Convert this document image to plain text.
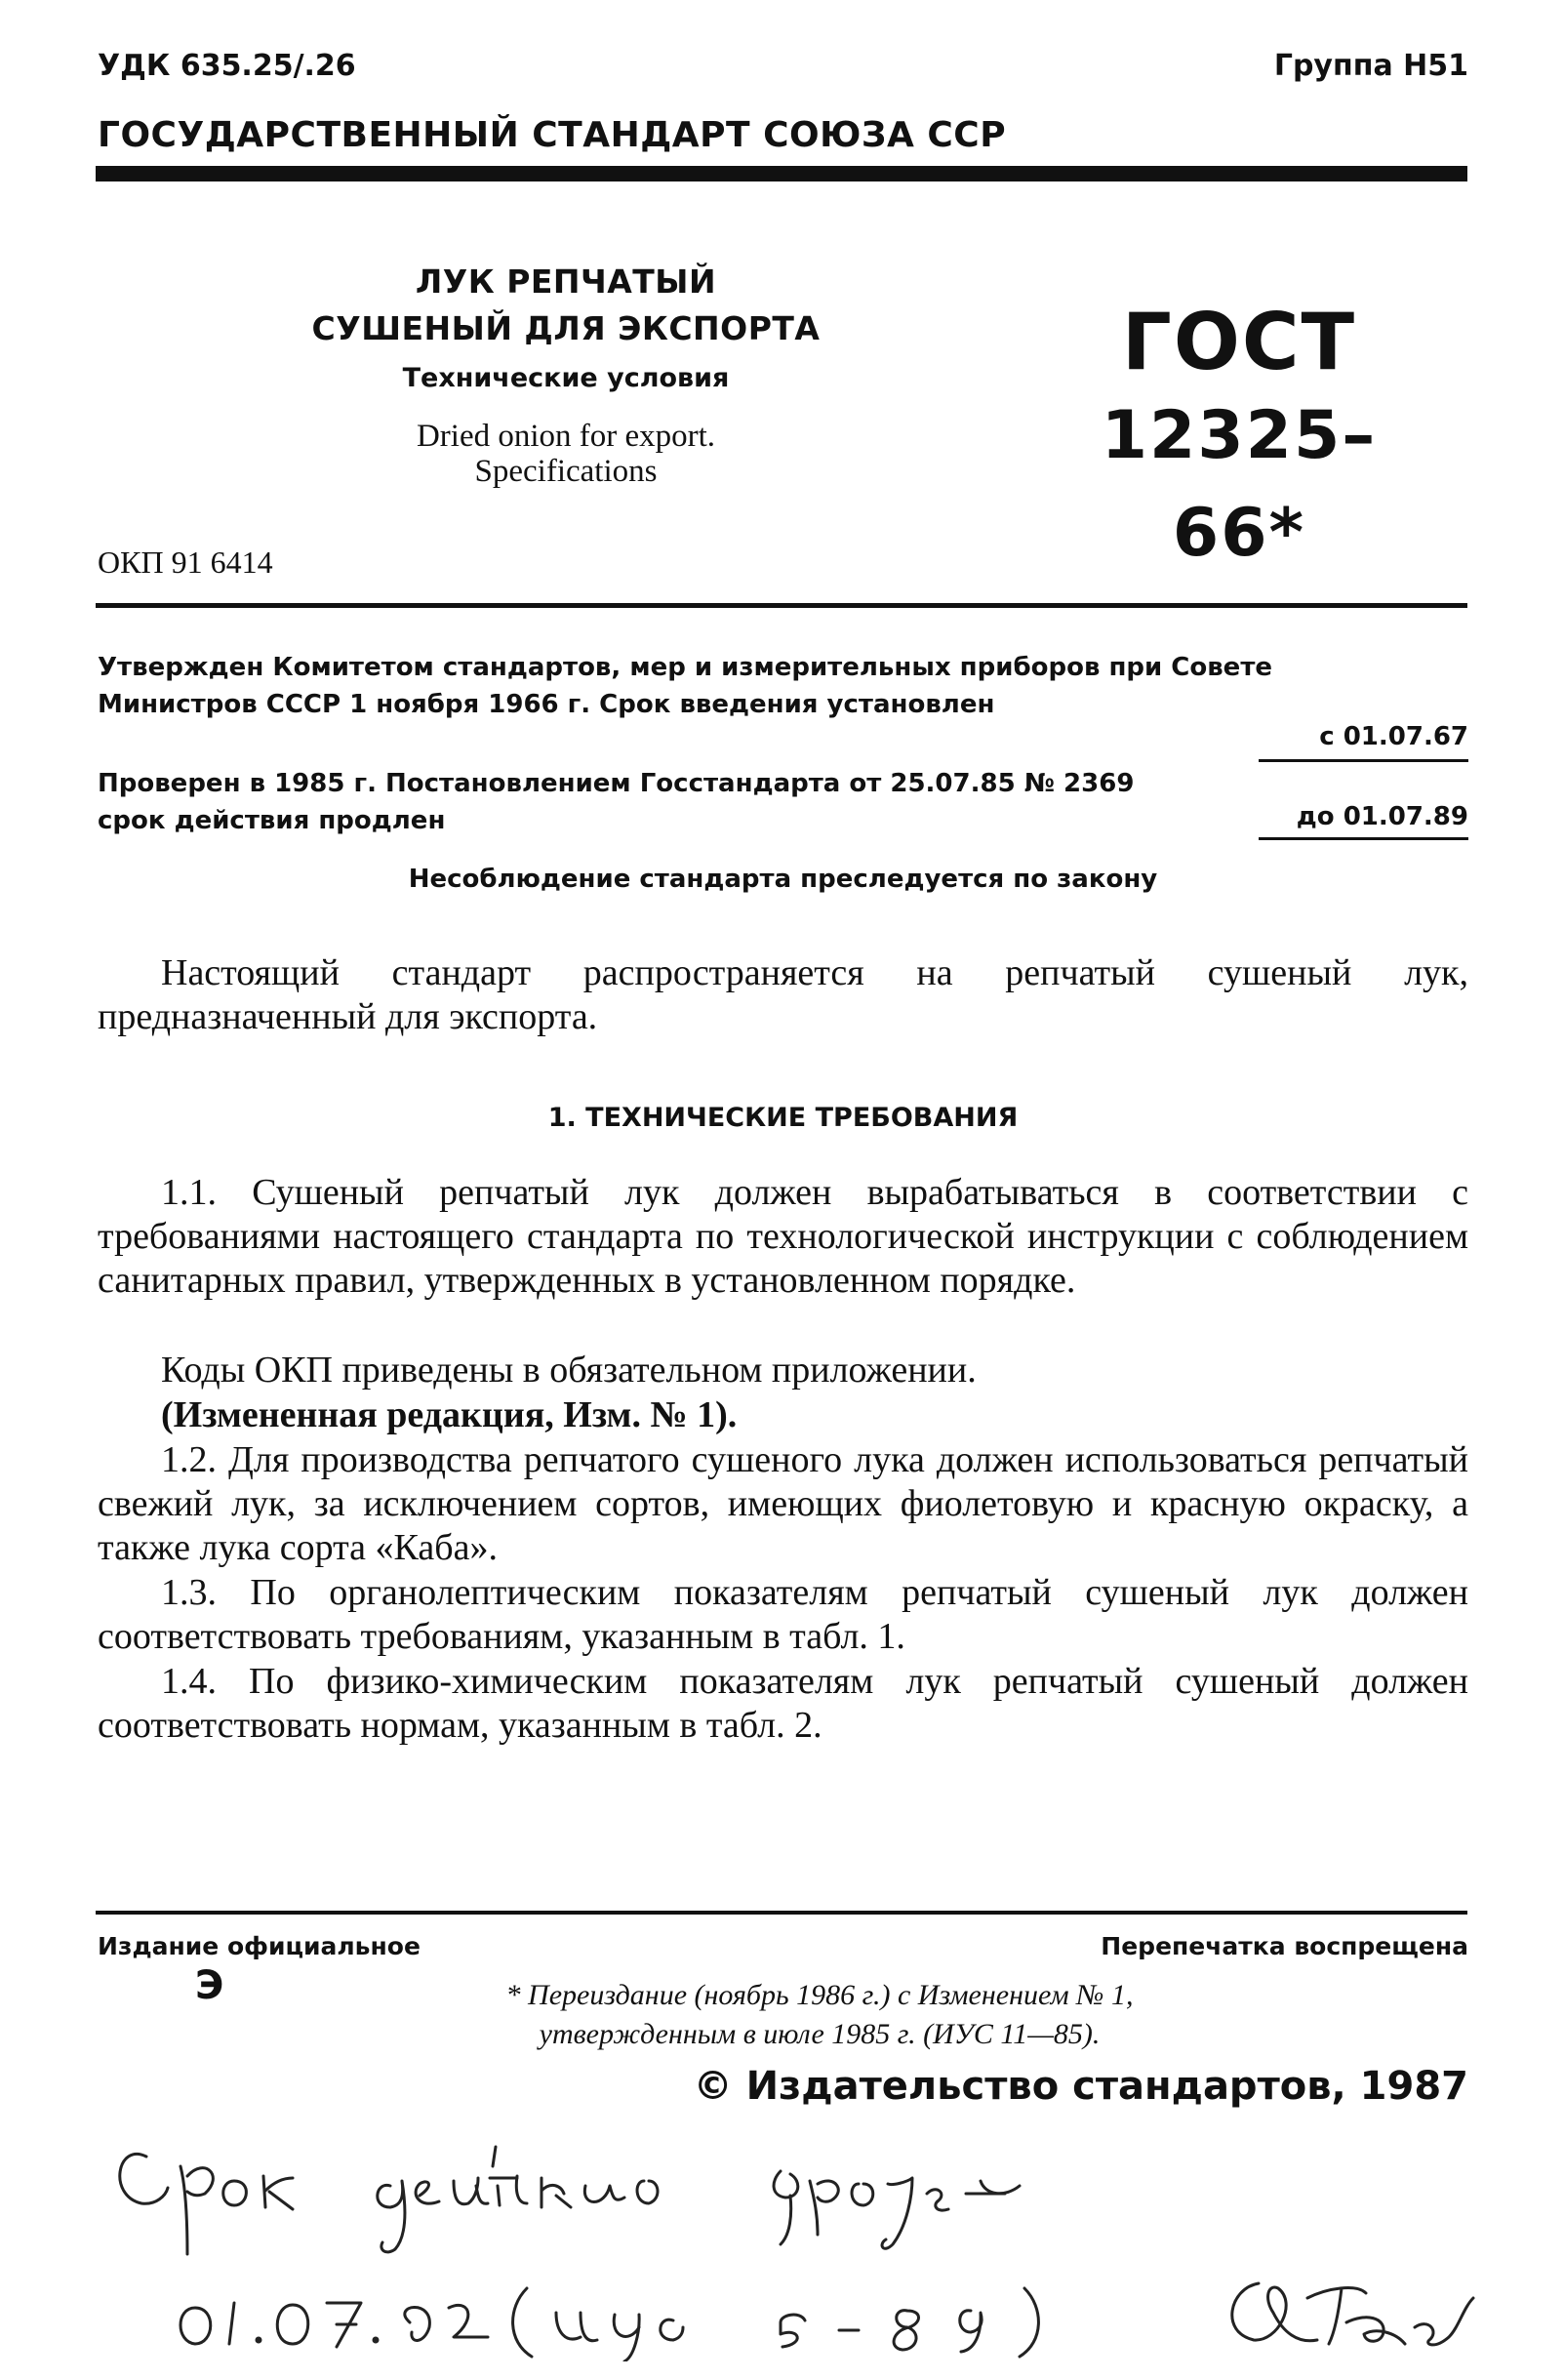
УДК 635.25/.26	Группа Н51
ГОСУДАРСТВЕННЫЙ СТАНДАРТ СОЮЗА ССР
ЛУК РЕПЧАТЫЙ
СУШЕНЫЙ ДЛЯ ЭКСПОРТА
Технические условия
Dried onion for export.
Specifications
ГОСТ
12325–66*
ОКП 91 6414
Утвержден Комитетом стандартов, мер и измерительных приборов при Совете
Министров СССР 1 ноября 1966 г. Срок введения установлен
с 01.07.67
Проверен в 1985 г. Постановлением Госстандарта от 25.07.85 № 2369
срок действия продлен	до 01.07.89
Несоблюдение стандарта преследуется по закону
Настоящий стандарт распространяется на репчатый сушеный лук, предназначенный для экспорта.
1. ТЕХНИЧЕСКИЕ ТРЕБОВАНИЯ
1.1. Сушеный репчатый лук должен вырабатываться в соответствии с требованиями настоящего стандарта по технологической инструкции с соблюдением санитарных правил, утвержденных в установленном порядке.
Коды ОКП приведены в обязательном приложении.
(Измененная редакция, Изм. № 1).
1.2. Для производства репчатого сушеного лука должен использоваться репчатый свежий лук, за исключением сортов, имеющих фиолетовую и красную окраску, а также лука сорта «Каба».
1.3. По органолептическим показателям репчатый сушеный лук должен соответствовать требованиям, указанным в табл. 1.
1.4. По физико-химическим показателям лук репчатый сушеный должен соответствовать нормам, указанным в табл. 2.
Издание официальное	Перепечатка воспрещена
Э	* Переиздание (ноябрь 1986 г.) с Изменением № 1,
утвержденным в июле 1985 г. (ИУС 11—85).
© Издательство стандартов, 1987
